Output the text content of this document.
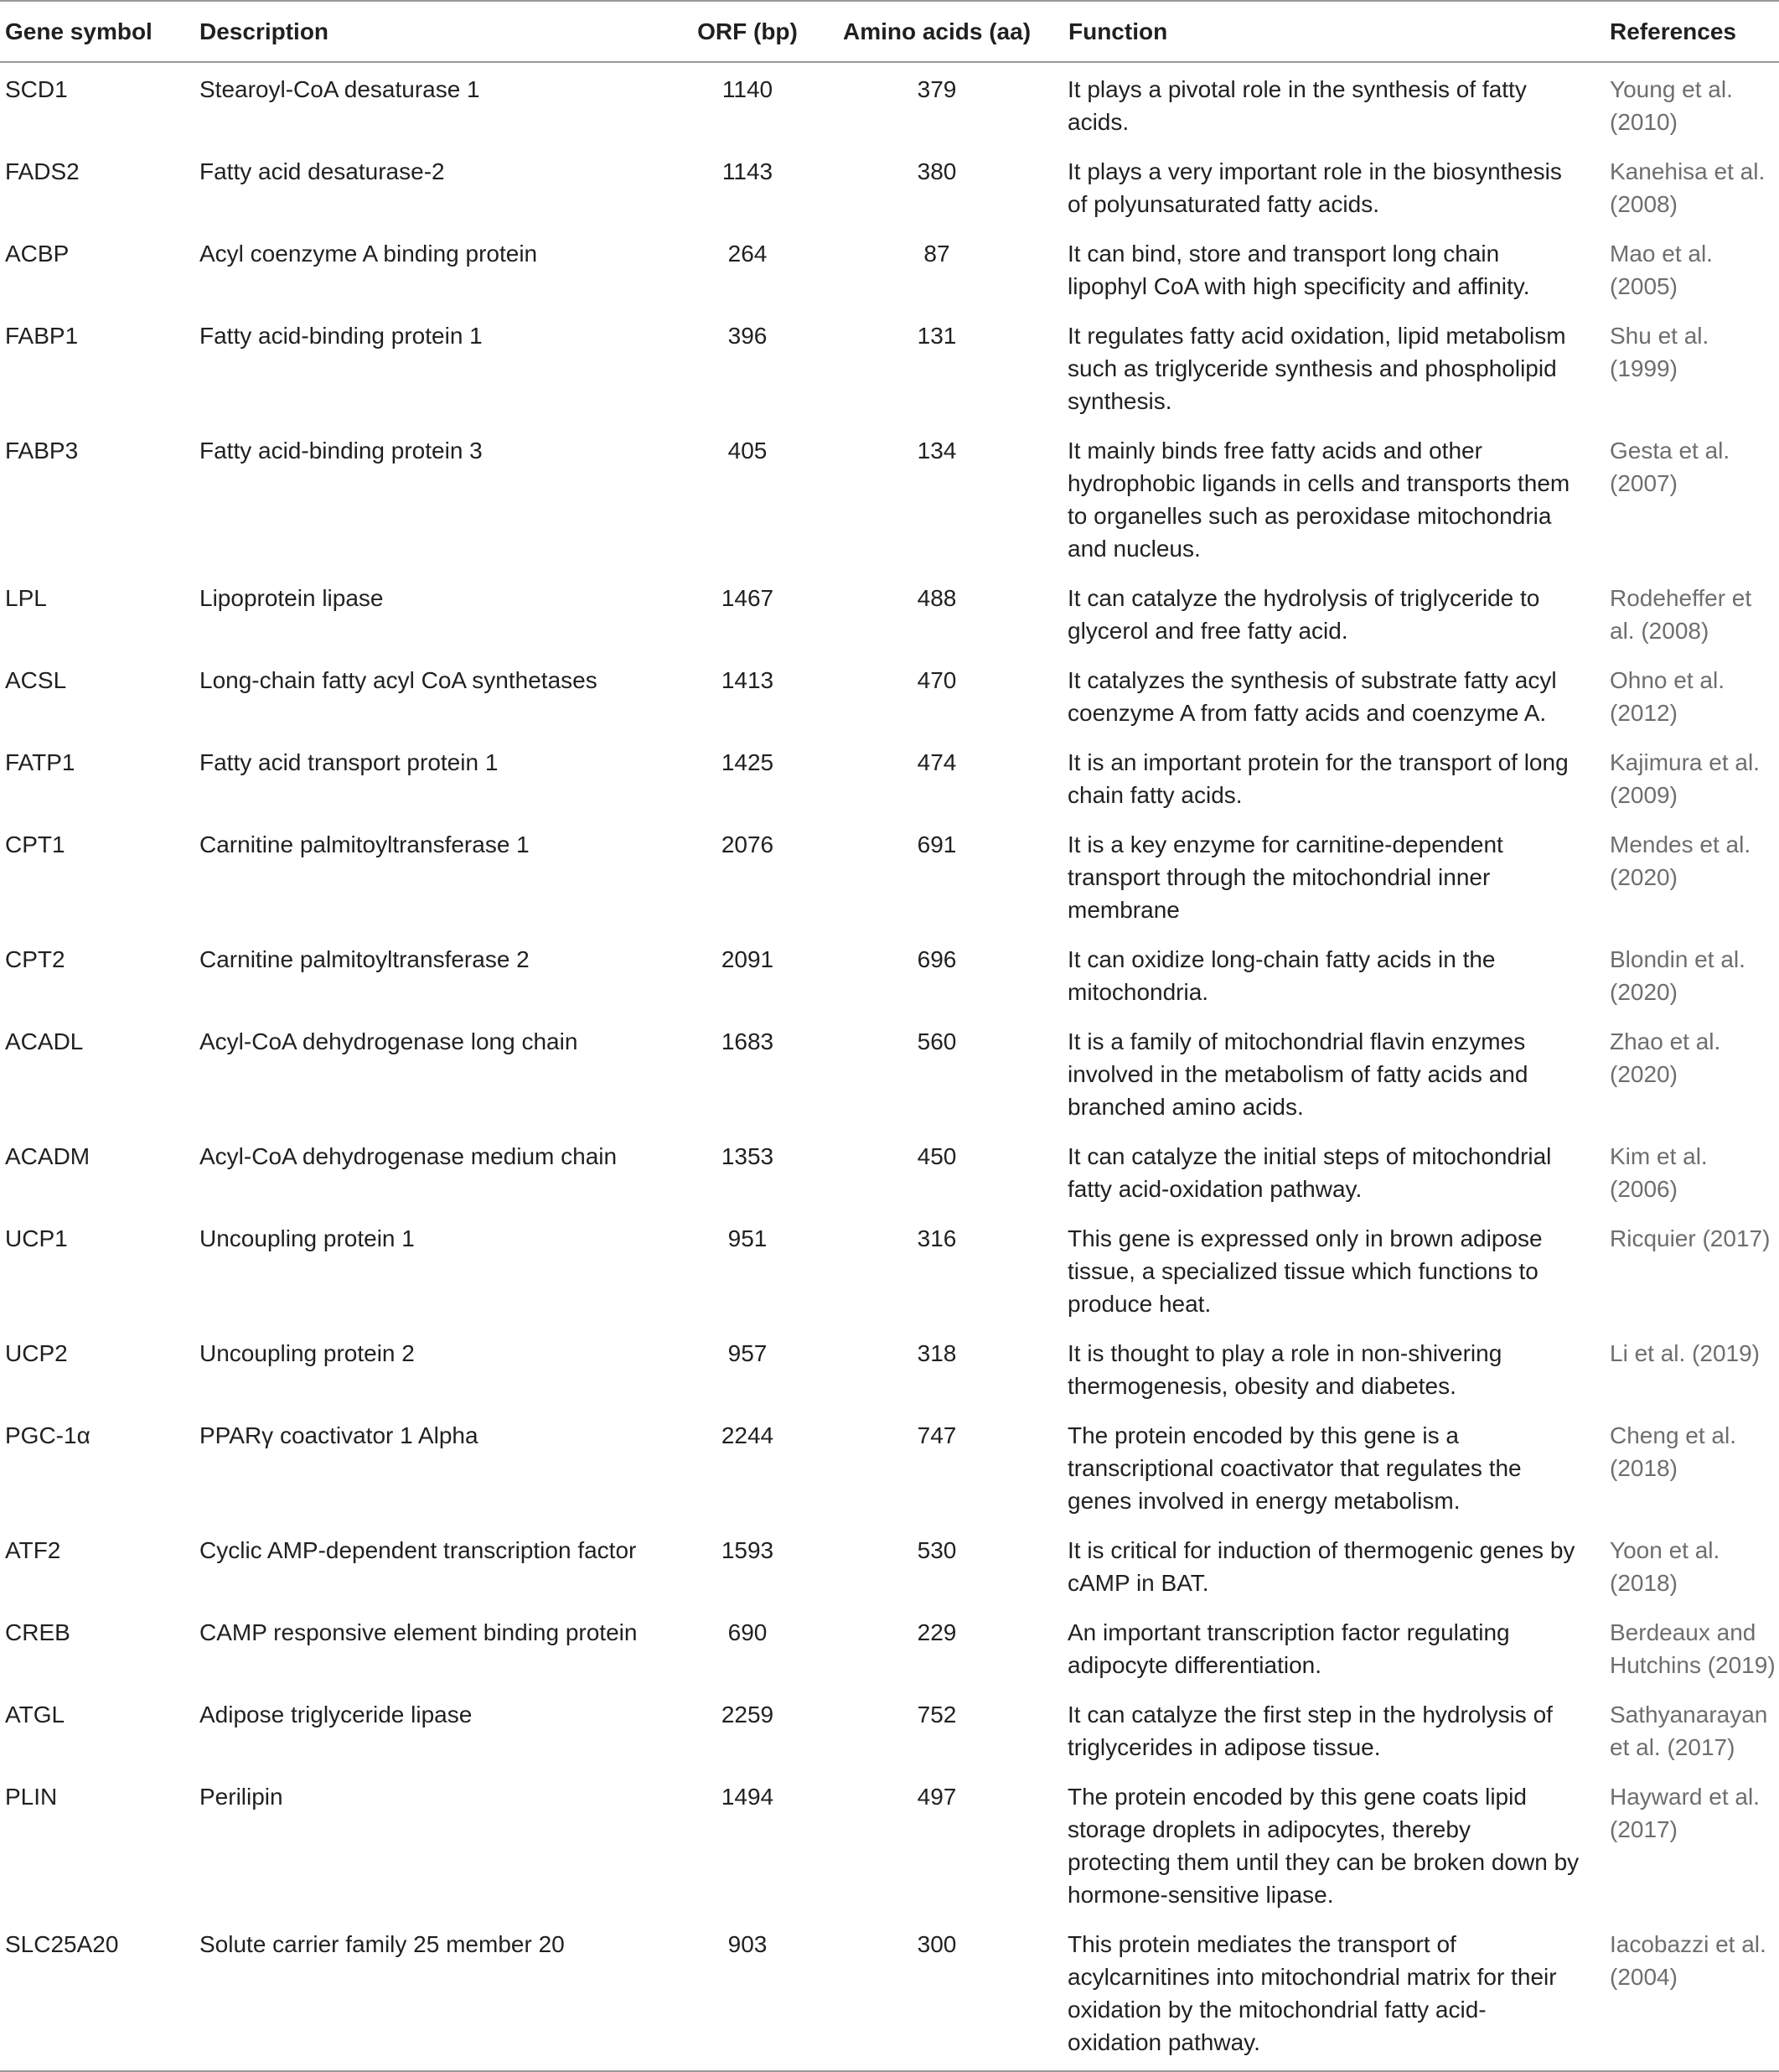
Gene symbol	Description	ORF (bp)	Amino acids (aa)	Function	References
SCD1	Stearoyl-CoA desaturase 1	1140	379	It plays a pivotal role in the synthesis of fatty acids.	Young et al. (2010)
FADS2	Fatty acid desaturase-2	1143	380	It plays a very important role in the biosynthesis of polyunsaturated fatty acids.	Kanehisa et al. (2008)
ACBP	Acyl coenzyme A binding protein	264	87	It can bind, store and transport long chain lipophyl CoA with high specificity and affinity.	Mao et al. (2005)
FABP1	Fatty acid-binding protein 1	396	131	It regulates fatty acid oxidation, lipid metabolism such as triglyceride synthesis and phospholipid synthesis.	Shu et al. (1999)
FABP3	Fatty acid-binding protein 3	405	134	It mainly binds free fatty acids and other hydrophobic ligands in cells and transports them to organelles such as peroxidase mitochondria and nucleus.	Gesta et al. (2007)
LPL	Lipoprotein lipase	1467	488	It can catalyze the hydrolysis of triglyceride to glycerol and free fatty acid.	Rodeheffer et al. (2008)
ACSL	Long-chain fatty acyl CoA synthetases	1413	470	It catalyzes the synthesis of substrate fatty acyl coenzyme A from fatty acids and coenzyme A.	Ohno et al. (2012)
FATP1	Fatty acid transport protein 1	1425	474	It is an important protein for the transport of long chain fatty acids.	Kajimura et al. (2009)
CPT1	Carnitine palmitoyltransferase 1	2076	691	It is a key enzyme for carnitine-dependent transport through the mitochondrial inner membrane	Mendes et al. (2020)
CPT2	Carnitine palmitoyltransferase 2	2091	696	It can oxidize long-chain fatty acids in the mitochondria.	Blondin et al. (2020)
ACADL	Acyl-CoA dehydrogenase long chain	1683	560	It is a family of mitochondrial flavin enzymes involved in the metabolism of fatty acids and branched amino acids.	Zhao et al. (2020)
ACADM	Acyl-CoA dehydrogenase medium chain	1353	450	It can catalyze the initial steps of mitochondrial fatty acid-oxidation pathway.	Kim et al. (2006)
UCP1	Uncoupling protein 1	951	316	This gene is expressed only in brown adipose tissue, a specialized tissue which functions to produce heat.	Ricquier (2017)
UCP2	Uncoupling protein 2	957	318	It is thought to play a role in non-shivering thermogenesis, obesity and diabetes.	Li et al. (2019)
PGC-1α	PPARγ coactivator 1 Alpha	2244	747	The protein encoded by this gene is a transcriptional coactivator that regulates the genes involved in energy metabolism.	Cheng et al. (2018)
ATF2	Cyclic AMP-dependent transcription factor	1593	530	It is critical for induction of thermogenic genes by cAMP in BAT.	Yoon et al. (2018)
CREB	CAMP responsive element binding protein	690	229	An important transcription factor regulating adipocyte differentiation.	Berdeaux and Hutchins (2019)
ATGL	Adipose triglyceride lipase	2259	752	It can catalyze the first step in the hydrolysis of triglycerides in adipose tissue.	Sathyanarayan et al. (2017)
PLIN	Perilipin	1494	497	The protein encoded by this gene coats lipid storage droplets in adipocytes, thereby protecting them until they can be broken down by hormone-sensitive lipase.	Hayward et al. (2017)
SLC25A20	Solute carrier family 25 member 20	903	300	This protein mediates the transport of acylcarnitines into mitochondrial matrix for their oxidation by the mitochondrial fatty acid-oxidation pathway.	Iacobazzi et al. (2004)
